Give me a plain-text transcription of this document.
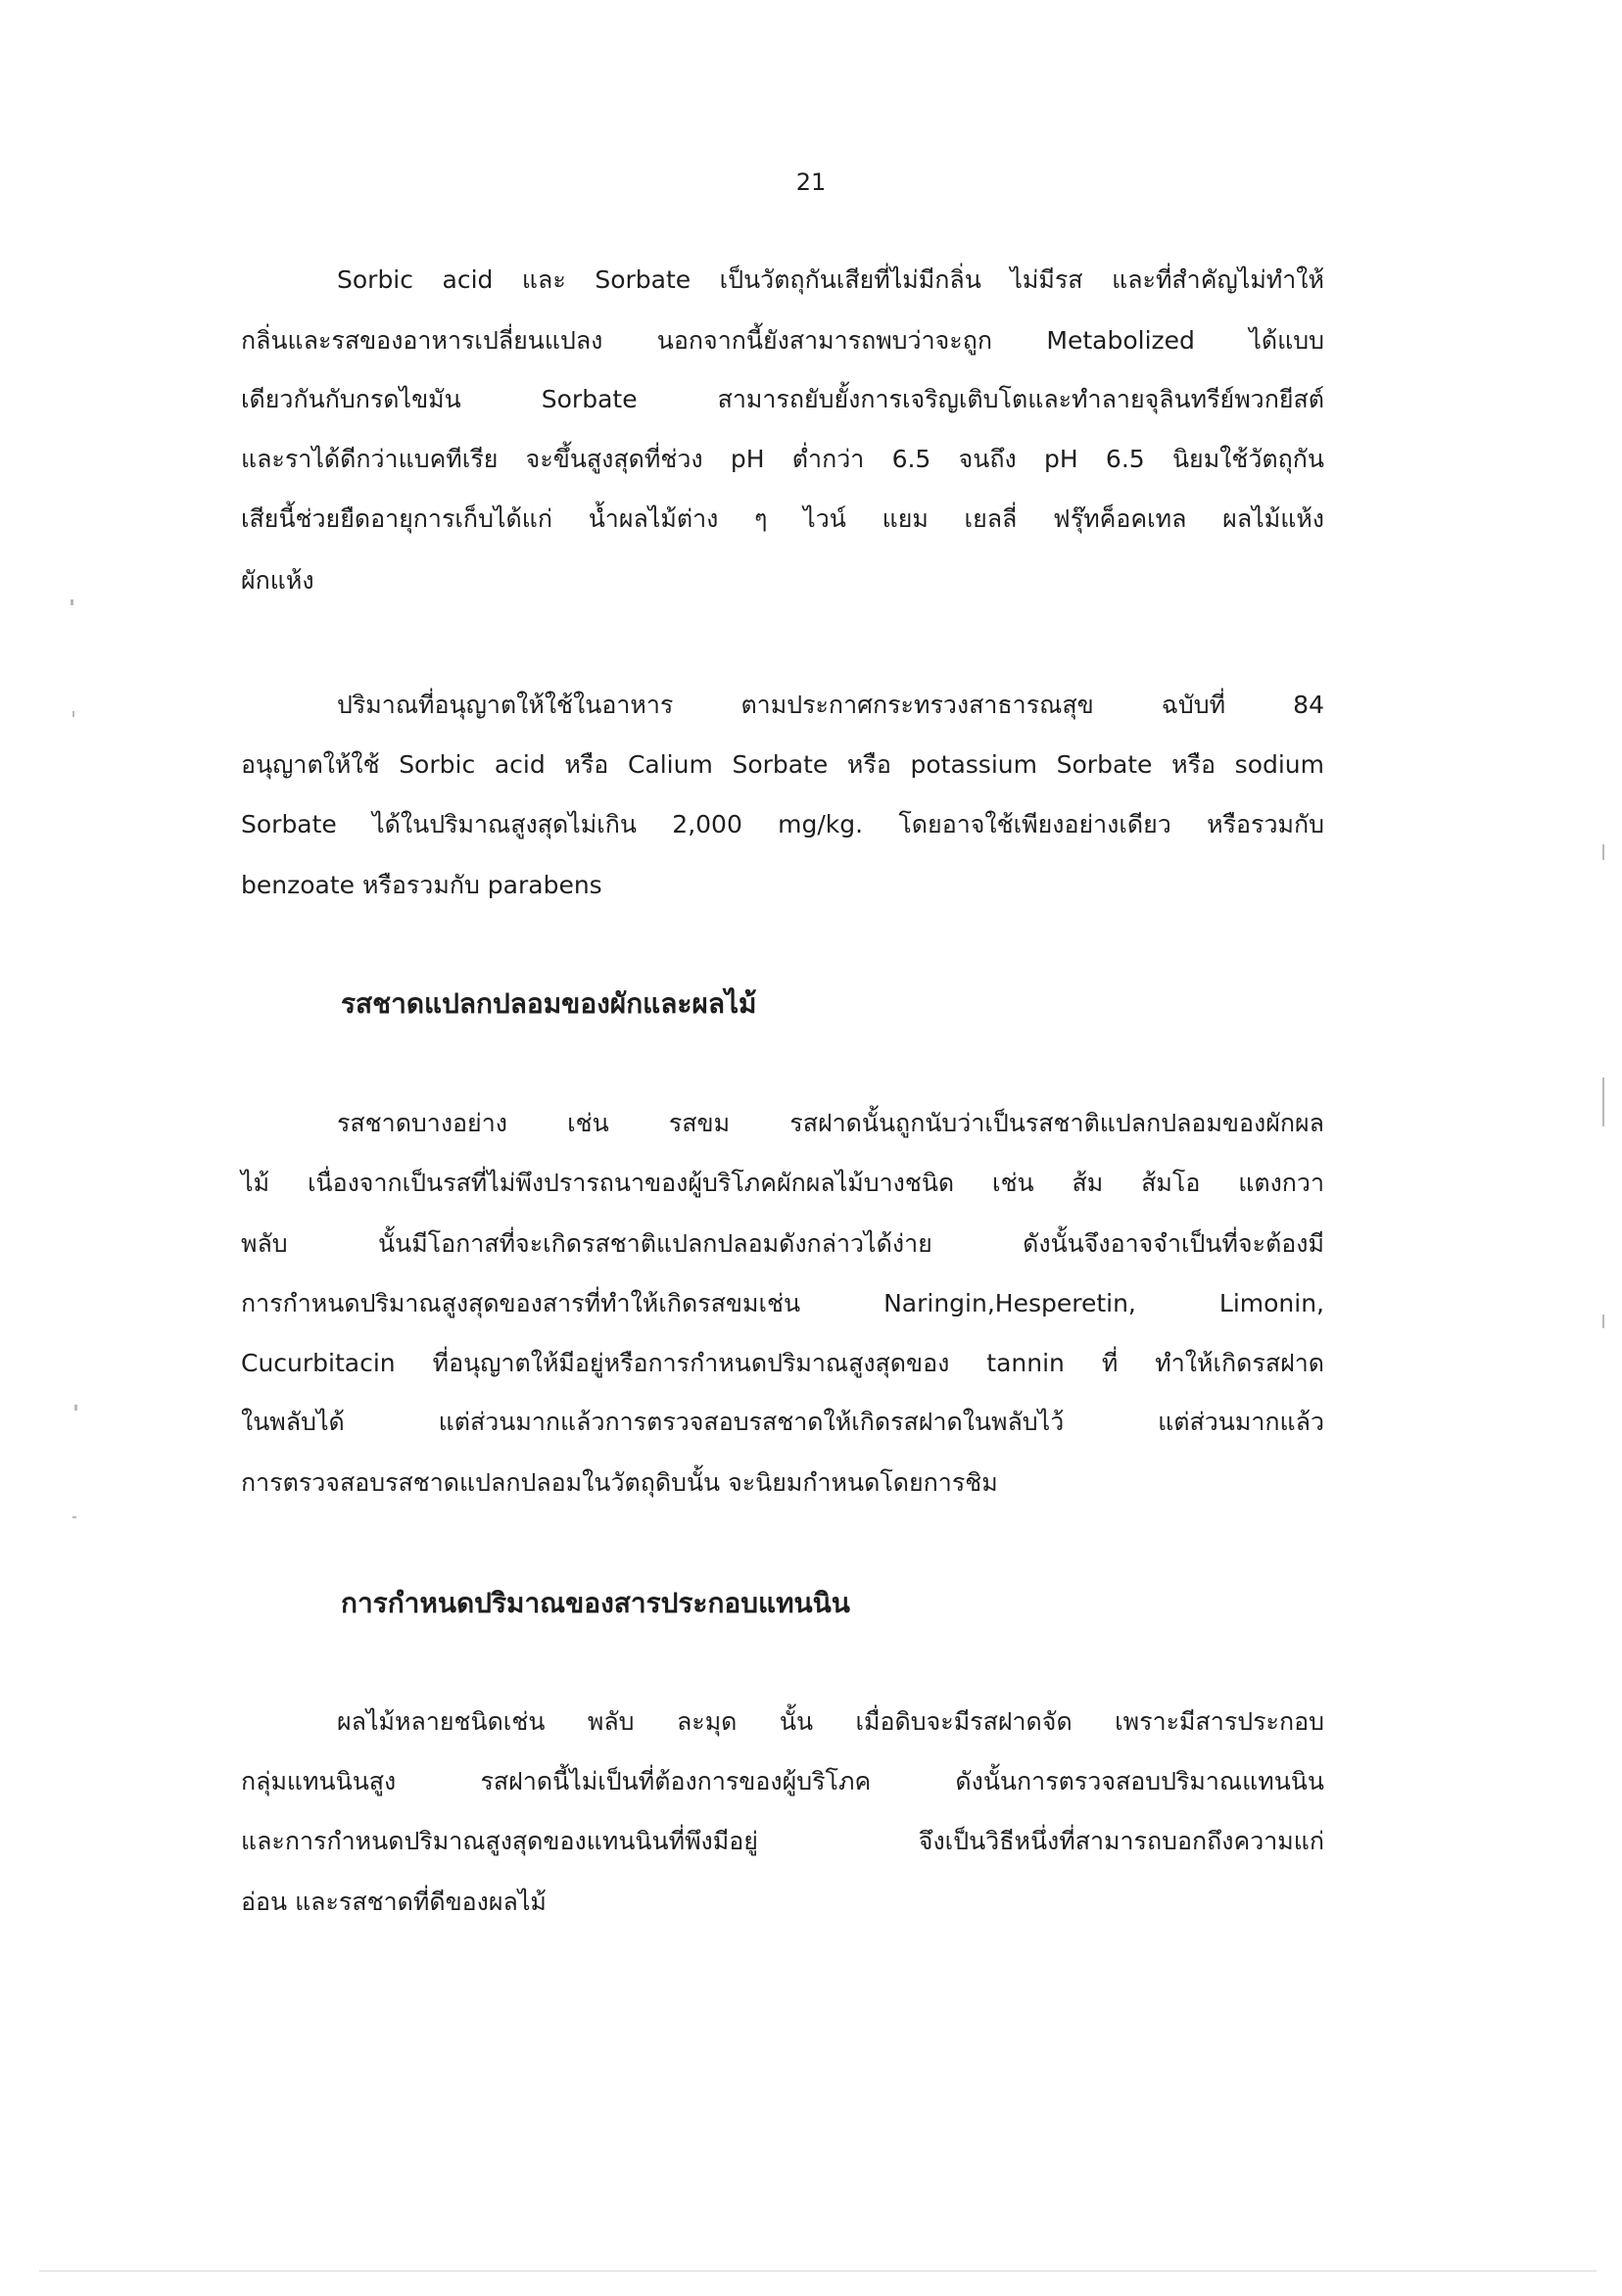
21
Sorbic acid และ Sorbate เป็นวัตถุกันเสียที่ไม่มีกลิ่น ไม่มีรส และที่สำคัญไม่ทำให้
กลิ่นและรสของอาหารเปลี่ยนแปลง นอกจากนี้ยังสามารถพบว่าจะถูก Metabolized ได้แบบ
เดียวกันกับกรดไขมัน Sorbate สามารถยับยั้งการเจริญเติบโตและทำลายจุลินทรีย์พวกยีสต์
และราได้ดีกว่าแบคทีเรีย จะขึ้นสูงสุดที่ช่วง pH ต่ำกว่า 6.5 จนถึง pH 6.5 นิยมใช้วัตถุกัน
เสียนี้ช่วยยืดอายุการเก็บได้แก่ น้ำผลไม้ต่าง ๆ ไวน์ แยม เยลลี่ ฟรุ๊ทค็อคเทล ผลไม้แห้ง
ผักแห้ง
ปริมาณที่อนุญาตให้ใช้ในอาหาร ตามประกาศกระทรวงสาธารณสุข ฉบับที่ 84
อนุญาตให้ใช้ Sorbic acid หรือ Calium Sorbate หรือ potassium Sorbate หรือ sodium
Sorbate ได้ในปริมาณสูงสุดไม่เกิน 2,000 mg/kg. โดยอาจใช้เพียงอย่างเดียว หรือรวมกับ
benzoate หรือรวมกับ parabens
รสชาดแปลกปลอมของผักและผลไม้
รสชาดบางอย่าง เช่น รสขม รสฝาดนั้นถูกนับว่าเป็นรสชาติแปลกปลอมของผักผล
ไม้ เนื่องจากเป็นรสที่ไม่พึงปรารถนาของผู้บริโภคผักผลไม้บางชนิด เช่น ส้ม ส้มโอ แตงกวา
พลับ นั้นมีโอกาสที่จะเกิดรสชาติแปลกปลอมดังกล่าวได้ง่าย ดังนั้นจึงอาจจำเป็นที่จะต้องมี
การกำหนดปริมาณสูงสุดของสารที่ทำให้เกิดรสขมเช่น Naringin,Hesperetin, Limonin,
Cucurbitacin ที่อนุญาตให้มีอยู่หรือการกำหนดปริมาณสูงสุดของ tannin ที่ ทำให้เกิดรสฝาด
ในพลับได้ แต่ส่วนมากแล้วการตรวจสอบรสชาดให้เกิดรสฝาดในพลับไว้ แต่ส่วนมากแล้ว
การตรวจสอบรสชาดแปลกปลอมในวัตถุดิบนั้น จะนิยมกำหนดโดยการชิม
การกำหนดปริมาณของสารประกอบแทนนิน
ผลไม้หลายชนิดเช่น พลับ ละมุด นั้น เมื่อดิบจะมีรสฝาดจัด เพราะมีสารประกอบ
กลุ่มแทนนินสูง รสฝาดนี้ไม่เป็นที่ต้องการของผู้บริโภค ดังนั้นการตรวจสอบปริมาณแทนนิน
และการกำหนดปริมาณสูงสุดของแทนนินที่พึงมีอยู่ จึงเป็นวิธีหนึ่งที่สามารถบอกถึงความแก่
อ่อน และรสชาดที่ดีของผลไม้
